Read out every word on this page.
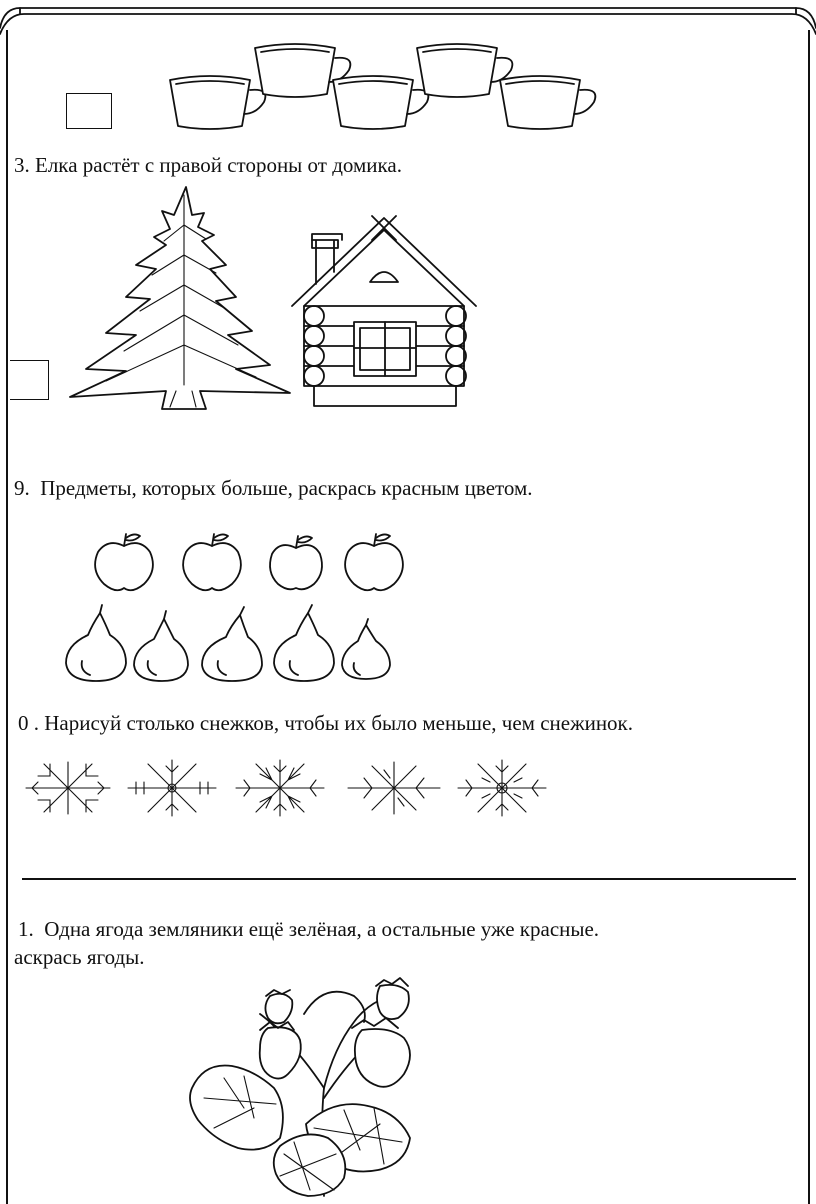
3. Елка растёт с правой стороны от домика.
9. Предметы, которых больше, раскрась красным цветом.
0 . Нарисуй столько снежков, чтобы их было меньше, чем снежинок.
1. Одна ягода земляники ещё зелёная, а остальные уже красные.
аскрась ягоды.
